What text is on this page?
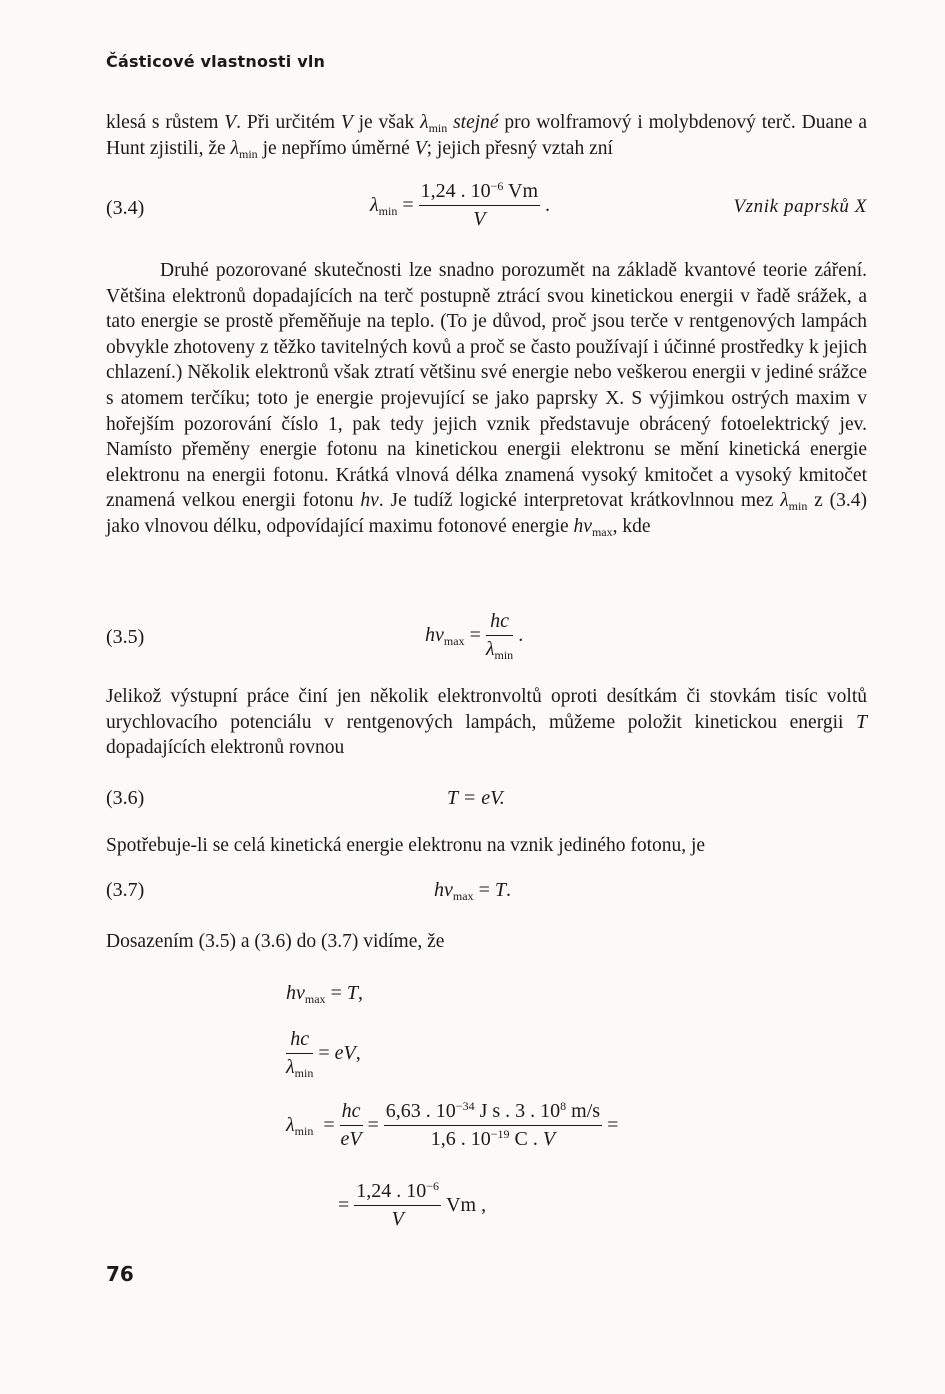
Částicové vlastnosti vln
klesá s růstem V. Při určitém V je však $\lambda_{min}$ stejné pro wolframový i molybdenový terč. Duane a Hunt zjistili, že $\lambda_{min}$ je nepřímo úměrné V; jejich přesný vztah zní
(3.4)	$\lambda_{min} = \frac{1,24 . 10^{-6} Vm}{V}$ .	Vznik paprsků X
Druhé pozorované skutečnosti lze snadno porozumět na základě kvantové teorie záření. Většina elektronů dopadajících na terč postupně ztrácí svou kinetickou energii v řadě srážek, a tato energie se prostě přeměňuje na teplo. (To je důvod, proč jsou terče v rentgenových lampách obvykle zhotoveny z těžko tavitelných kovů a proč se často používají i účinné prostředky k jejich chlazení.) Několik elektronů však ztratí většinu své energie nebo veškerou energii v jediné srážce s atomem terčíku; toto je energie projevující se jako paprsky X. S výjimkou ostrých maxim v hořejším pozorování číslo 1, pak tedy jejich vznik představuje obrácený fotoelektrický jev. Namísto přeměny energie fotonu na kinetickou energii elektronu se mění kinetická energie elektronu na energii fotonu. Krátká vlnová délka znamená vysoký kmitočet a vysoký kmitočet znamená velkou energii fotonu hν. Je tudíž logické interpretovat krátkovlnnou mez $\lambda_{min}$ z (3.4) jako vlnovou délku, odpovídající maximu fotonové energie $h\nu_{max}$, kde
(3.5)	$h\nu_{max} = \frac{hc}{\lambda_{min}}$ .
Jelikož výstupní práce činí jen několik elektronvoltů oproti desítkám či stovkám tisíc voltů urychlovacího potenciálu v rentgenových lampách, můžeme položit kinetickou energii T dopadajících elektronů rovnou
(3.6)	T = eV.
Spotřebuje-li se celá kinetická energie elektronu na vznik jediného fotonu, je
(3.7)	$h\nu_{max} = T$.
Dosazením (3.5) a (3.6) do (3.7) vidíme, že
$h\nu_{max} = T$,
$\frac{hc}{\lambda_{min}}$ = eV,
$\lambda_{min} = \frac{hc}{eV} = \frac{6,63 . 10^{-34} J s . 3 . 10^8 m/s}{1,6 . 10^{-19} C . V}$ =
= $\frac{1,24 . 10^{-6}}{V}$ Vm ,
76
